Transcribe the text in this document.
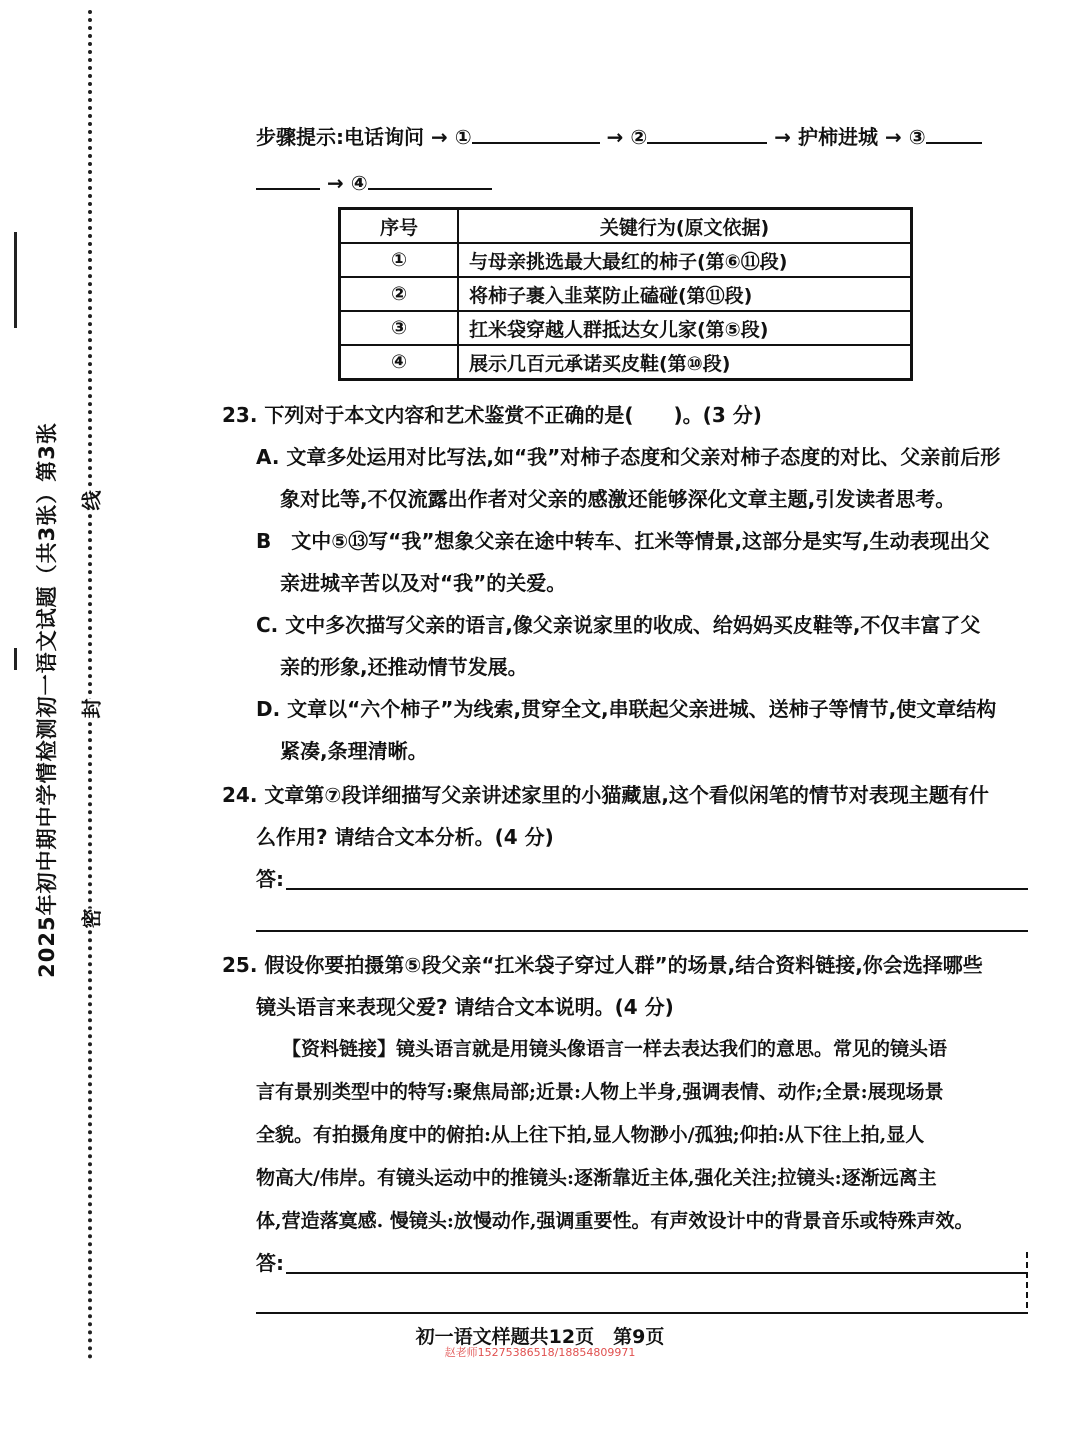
2025年初中期中学情检测初一语文试题（共3张）第3张	线
封
密
步骤提示:电话询问 → ①	→ ②	→ 护柿进城 → ③
→ ④
序号	关键行为(原文依据)
①	与母亲挑选最大最红的柿子(第⑥⑪段)
②	将柿子裹入韭菜防止磕碰(第⑪段)
③	扛米袋穿越人群抵达女儿家(第⑤段)
④	展示几百元承诺买皮鞋(第⑩段)
23. 下列对于本文内容和艺术鉴赏不正确的是(　　)。(3 分)
A. 文章多处运用对比写法,如“我”对柿子态度和父亲对柿子态度的对比、父亲前后形
象对比等,不仅流露出作者对父亲的感激还能够深化文章主题,引发读者思考。
B　文中⑤⑬写“我”想象父亲在途中转车、扛米等情景,这部分是实写,生动表现出父
亲进城辛苦以及对“我”的关爱。
C. 文中多次描写父亲的语言,像父亲说家里的收成、给妈妈买皮鞋等,不仅丰富了父
亲的形象,还推动情节发展。
D. 文章以“六个柿子”为线索,贯穿全文,串联起父亲进城、送柿子等情节,使文章结构
紧凑,条理清晰。
24. 文章第⑦段详细描写父亲讲述家里的小猫藏崽,这个看似闲笔的情节对表现主题有什
么作用? 请结合文本分析。(4 分)
答:
25. 假设你要拍摄第⑤段父亲“扛米袋子穿过人群”的场景,结合资料链接,你会选择哪些
镜头语言来表现父爱? 请结合文本说明。(4 分)
【资料链接】镜头语言就是用镜头像语言一样去表达我们的意思。常见的镜头语
言有景别类型中的特写:聚焦局部;近景:人物上半身,强调表情、动作;全景:展现场景
全貌。有拍摄角度中的俯拍:从上往下拍,显人物渺小/孤独;仰拍:从下往上拍,显人
物高大/伟岸。有镜头运动中的推镜头:逐渐靠近主体,强化关注;拉镜头:逐渐远离主
体,营造落寞感. 慢镜头:放慢动作,强调重要性。有声效设计中的背景音乐或特殊声效。
答:
初一语文样题共12页　第9页
赵老师15275386518/18854809971
